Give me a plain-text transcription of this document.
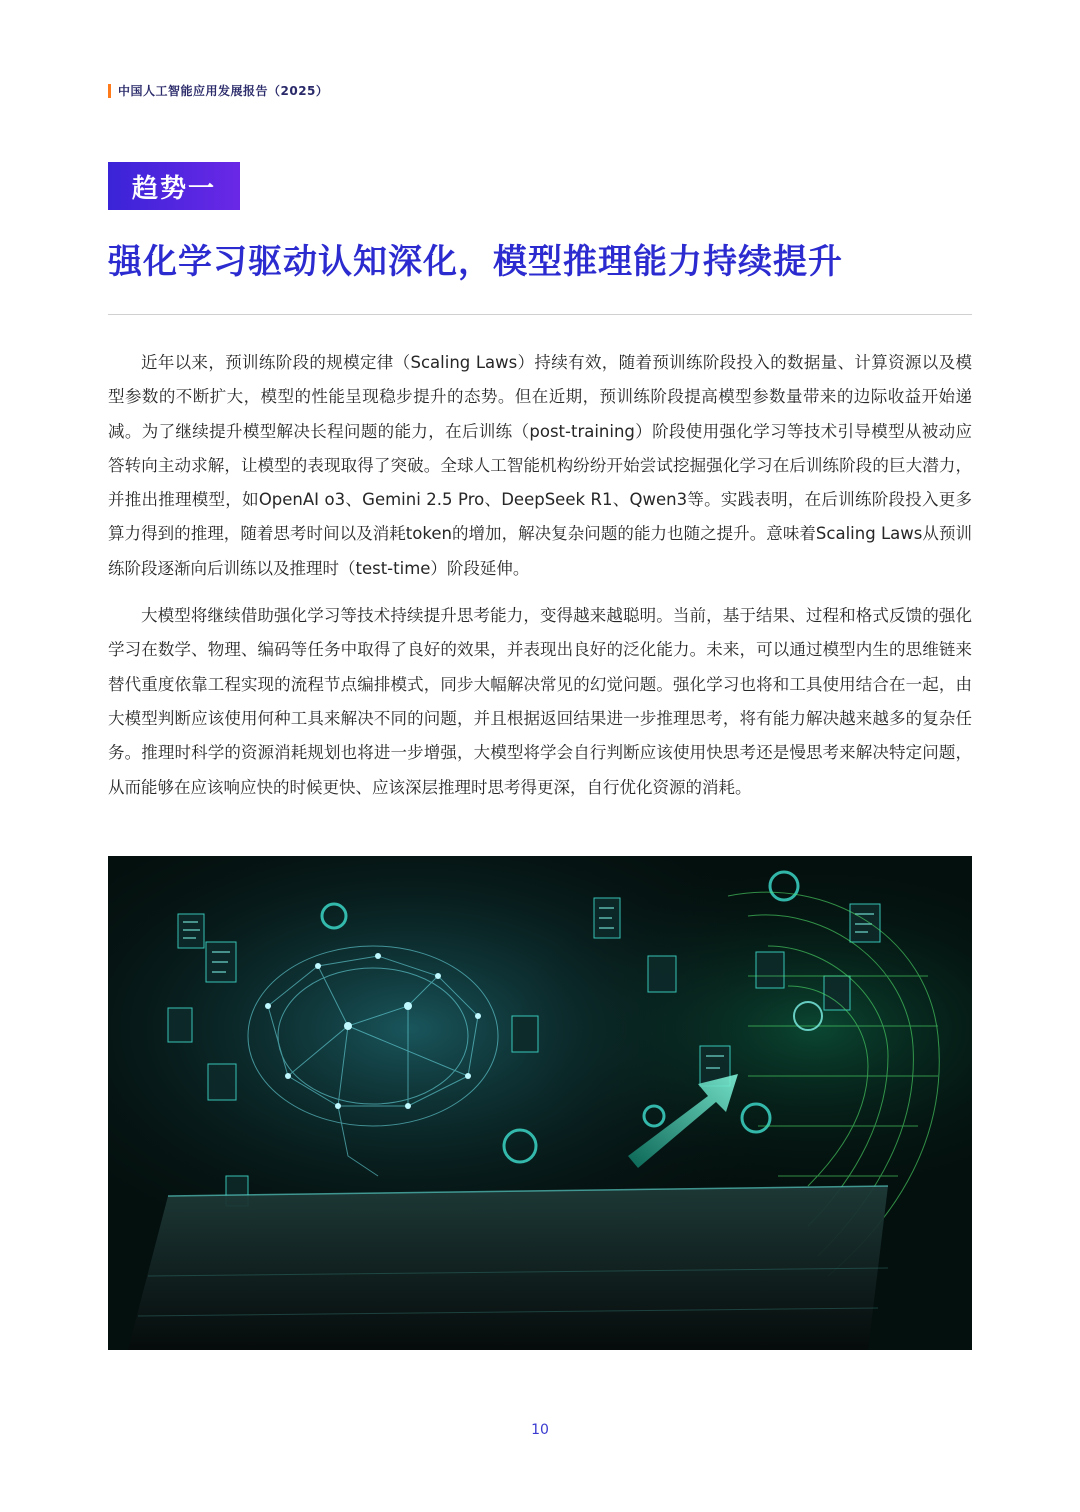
中国人工智能应用发展报告（2025）
趋势一
强化学习驱动认知深化，模型推理能力持续提升

近年以来，预训练阶段的规模定律（Scaling Laws）持续有效，随着预训练阶段投入的数据量、计算资源以及模型参数的不断扩大，模型的性能呈现稳步提升的态势。但在近期，预训练阶段提高模型参数量带来的边际收益开始递减。为了继续提升模型解决长程问题的能力，在后训练（post-training）阶段使用强化学习等技术引导模型从被动应答转向主动求解，让模型的表现取得了突破。全球人工智能机构纷纷开始尝试挖掘强化学习在后训练阶段的巨大潜力，并推出推理模型，如OpenAI o3、Gemini 2.5 Pro、DeepSeek R1、Qwen3等。实践表明，在后训练阶段投入更多算力得到的推理，随着思考时间以及消耗token的增加，解决复杂问题的能力也随之提升。意味着Scaling Laws从预训练阶段逐渐向后训练以及推理时（test-time）阶段延伸。

大模型将继续借助强化学习等技术持续提升思考能力，变得越来越聪明。当前，基于结果、过程和格式反馈的强化学习在数学、物理、编码等任务中取得了良好的效果，并表现出良好的泛化能力。未来，可以通过模型内生的思维链来替代重度依靠工程实现的流程节点编排模式，同步大幅解决常见的幻觉问题。强化学习也将和工具使用结合在一起，由大模型判断应该使用何种工具来解决不同的问题，并且根据返回结果进一步推理思考，将有能力解决越来越多的复杂任务。推理时科学的资源消耗规划也将进一步增强，大模型将学会自行判断应该使用快思考还是慢思考来解决特定问题，从而能够在应该响应快的时候更快、应该深层推理时思考得更深，自行优化资源的消耗。

10
